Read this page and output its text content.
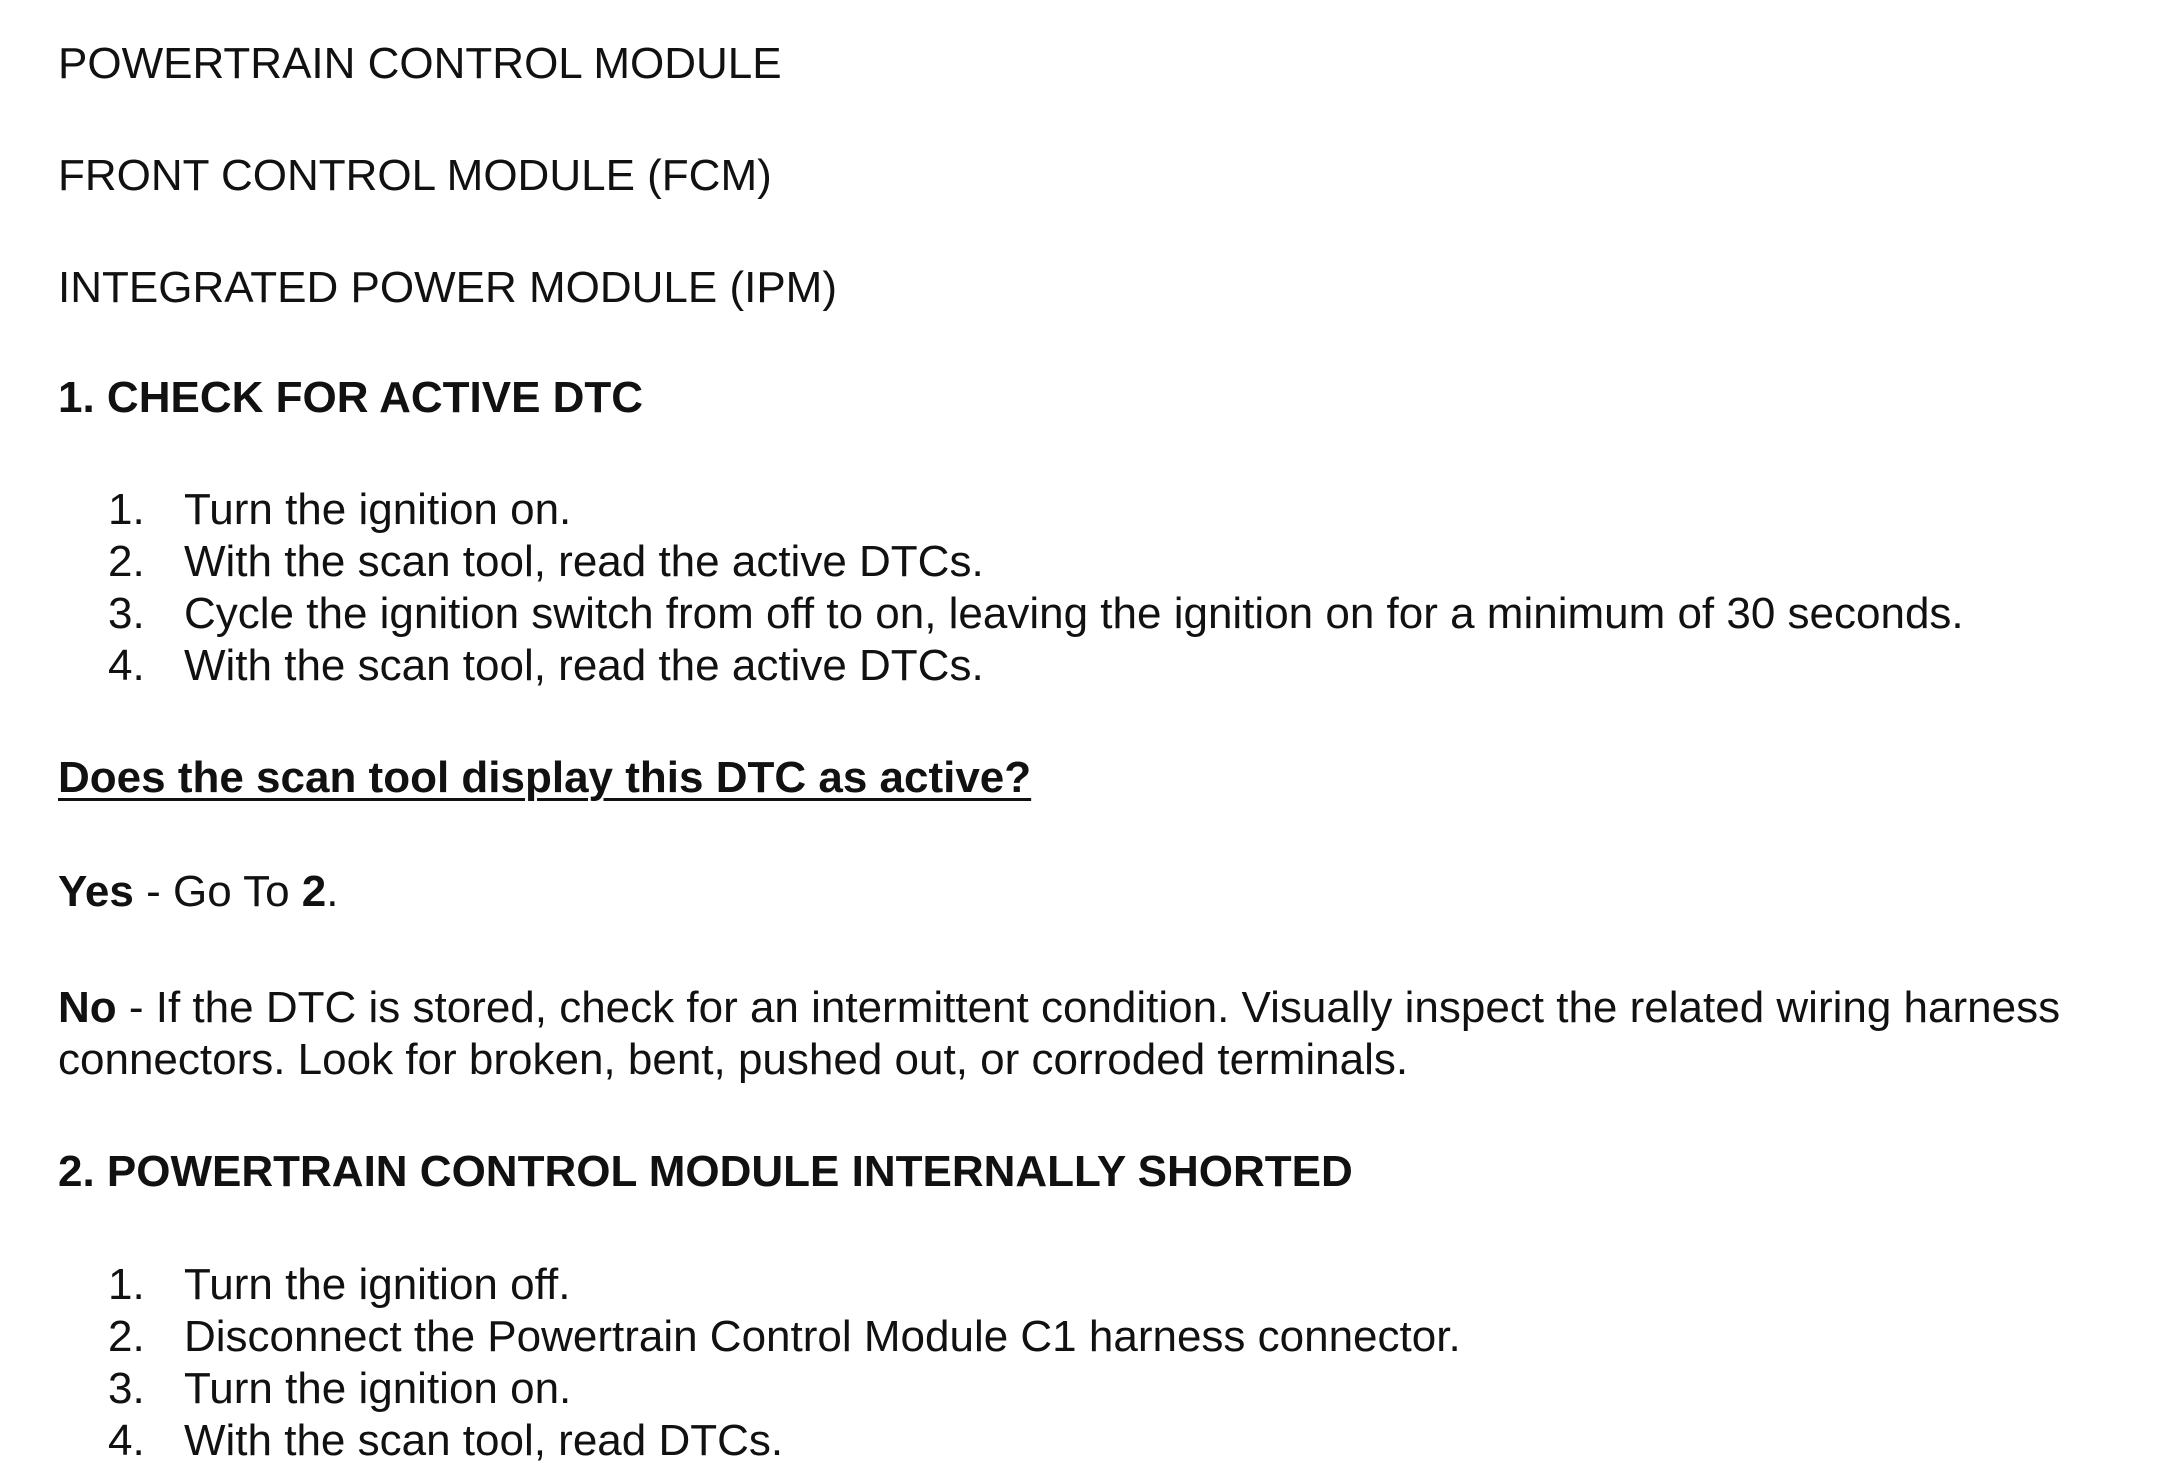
POWERTRAIN CONTROL MODULE

FRONT CONTROL MODULE (FCM)

INTEGRATED POWER MODULE (IPM)

1. CHECK FOR ACTIVE DTC

1. Turn the ignition on.
2. With the scan tool, read the active DTCs.
3. Cycle the ignition switch from off to on, leaving the ignition on for a minimum of 30 seconds.
4. With the scan tool, read the active DTCs.

Does the scan tool display this DTC as active?

Yes - Go To 2.

No - If the DTC is stored, check for an intermittent condition. Visually inspect the related wiring harness
connectors. Look for broken, bent, pushed out, or corroded terminals.

2. POWERTRAIN CONTROL MODULE INTERNALLY SHORTED

1. Turn the ignition off.
2. Disconnect the Powertrain Control Module C1 harness connector.
3. Turn the ignition on.
4. With the scan tool, read DTCs.
